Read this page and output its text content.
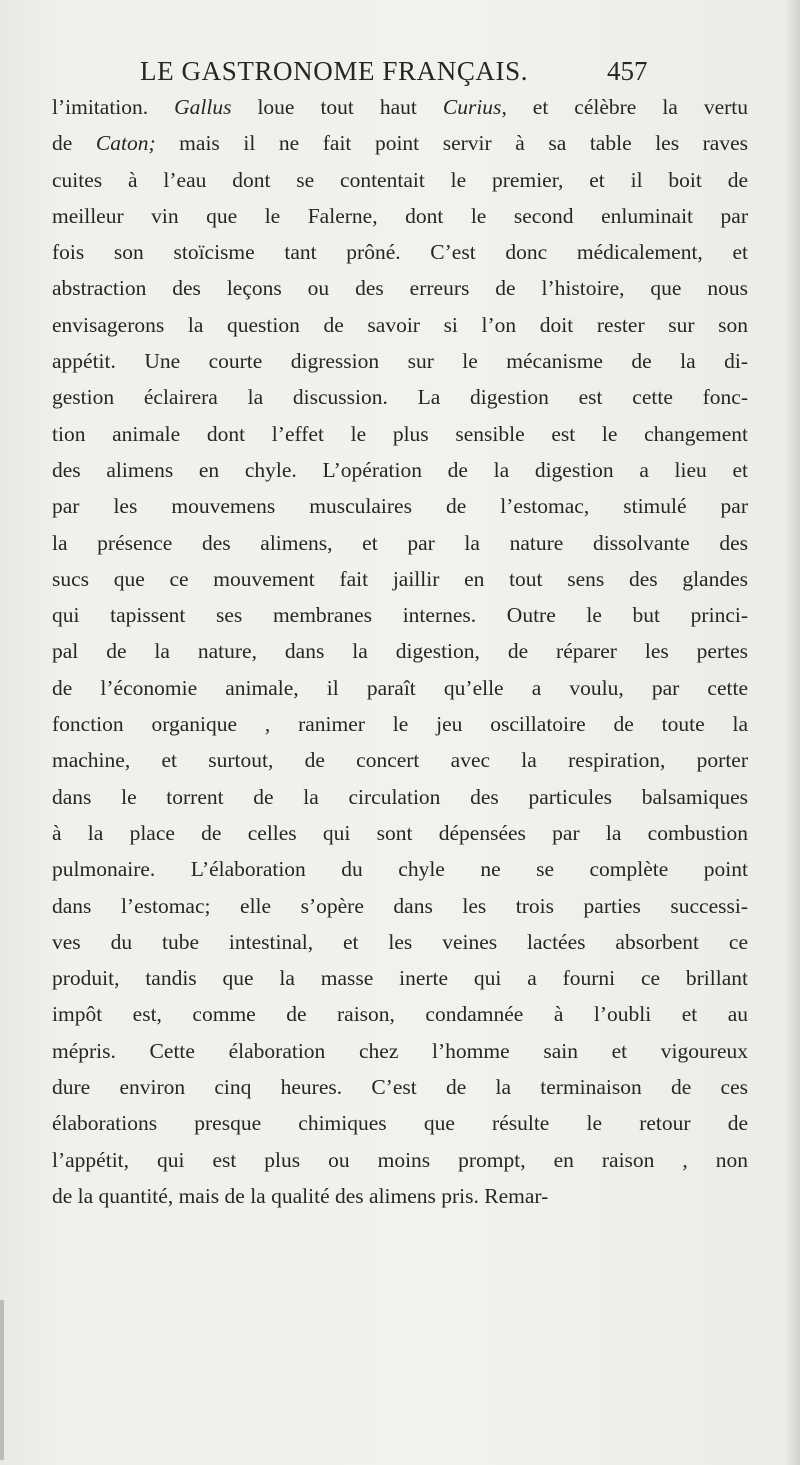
LE GASTRONOME FRANÇAIS.	457
l’imitation. Gallus loue tout haut Curius, et célèbre la vertu
de Caton; mais il ne fait point servir à sa table les raves
cuites à l’eau dont se contentait le premier, et il boit de
meilleur vin que le Falerne, dont le second enluminait par
fois son stoïcisme tant prôné. C’est donc médicalement, et
abstraction des leçons ou des erreurs de l’histoire, que nous
envisagerons la question de savoir si l’on doit rester sur son
appétit. Une courte digression sur le mécanisme de la di-
gestion éclairera la discussion. La digestion est cette fonc-
tion animale dont l’effet le plus sensible est le changement
des alimens en chyle. L’opération de la digestion a lieu et
par les mouvemens musculaires de l’estomac, stimulé par
la présence des alimens, et par la nature dissolvante des
sucs que ce mouvement fait jaillir en tout sens des glandes
qui tapissent ses membranes internes. Outre le but princi-
pal de la nature, dans la digestion, de réparer les pertes
de l’économie animale, il paraît qu’elle a voulu, par cette
fonction organique , ranimer le jeu oscillatoire de toute la
machine, et surtout, de concert avec la respiration, porter
dans le torrent de la circulation des particules balsamiques
à la place de celles qui sont dépensées par la combustion
pulmonaire. L’élaboration du chyle ne se complète point
dans l’estomac; elle s’opère dans les trois parties successi-
ves du tube intestinal, et les veines lactées absorbent ce
produit, tandis que la masse inerte qui a fourni ce brillant
impôt est, comme de raison, condamnée à l’oubli et au
mépris. Cette élaboration chez l’homme sain et vigoureux
dure environ cinq heures. C’est de la terminaison de ces
élaborations presque chimiques que résulte le retour de
l’appétit, qui est plus ou moins prompt, en raison , non
de la quantité, mais de la qualité des alimens pris. Remar-
